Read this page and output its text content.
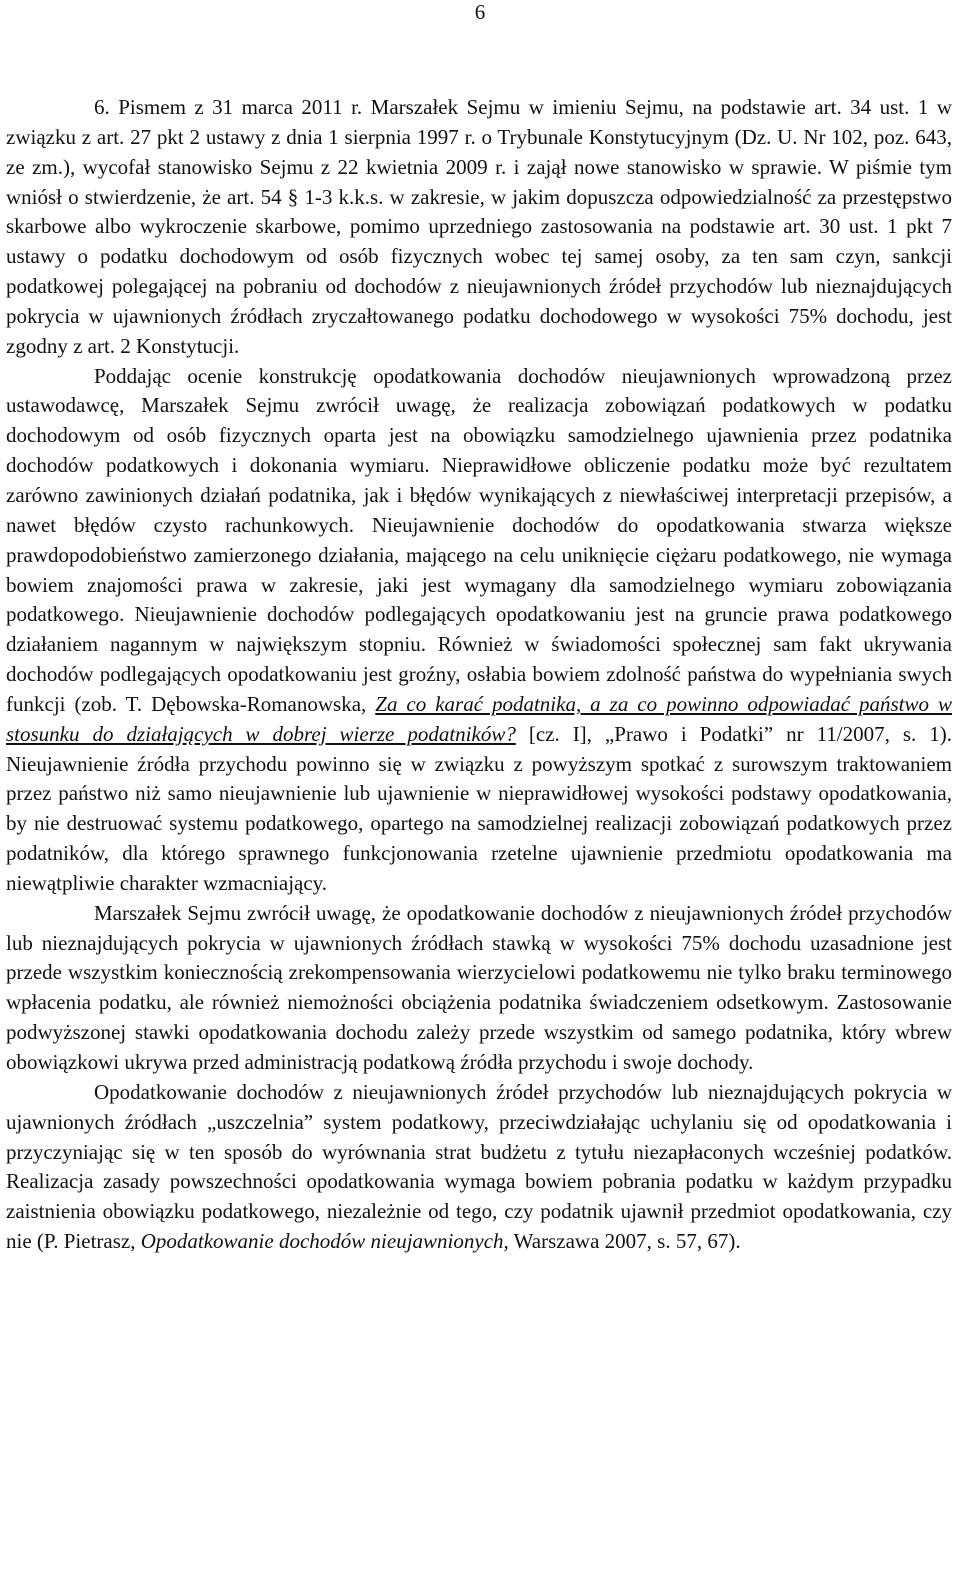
6

6. Pismem z 31 marca 2011 r. Marszałek Sejmu w imieniu Sejmu, na podstawie art. 34 ust. 1 w związku z art. 27 pkt 2 ustawy z dnia 1 sierpnia 1997 r. o Trybunale Konstytucyjnym (Dz. U. Nr 102, poz. 643, ze zm.), wycofał stanowisko Sejmu z 22 kwietnia 2009 r. i zajął nowe stanowisko w sprawie. W piśmie tym wniósł o stwierdzenie, że art. 54 § 1-3 k.k.s. w zakresie, w jakim dopuszcza odpowiedzialność za przestępstwo skarbowe albo wykroczenie skarbowe, pomimo uprzedniego zastosowania na podstawie art. 30 ust. 1 pkt 7 ustawy o podatku dochodowym od osób fizycznych wobec tej samej osoby, za ten sam czyn, sankcji podatkowej polegającej na pobraniu od dochodów z nieujawnionych źródeł przychodów lub nieznajdujących pokrycia w ujawnionych źródłach zryczałtowanego podatku dochodowego w wysokości 75% dochodu, jest zgodny z art. 2 Konstytucji.

Poddając ocenie konstrukcję opodatkowania dochodów nieujawnionych wprowadzoną przez ustawodawcę, Marszałek Sejmu zwrócił uwagę, że realizacja zobowiązań podatkowych w podatku dochodowym od osób fizycznych oparta jest na obowiązku samodzielnego ujawnienia przez podatnika dochodów podatkowych i dokonania wymiaru. Nieprawidłowe obliczenie podatku może być rezultatem zarówno zawinionych działań podatnika, jak i błędów wynikających z niewłaściwej interpretacji przepisów, a nawet błędów czysto rachunkowych. Nieujawnienie dochodów do opodatkowania stwarza większe prawdopodobieństwo zamierzonego działania, mającego na celu uniknięcie ciężaru podatkowego, nie wymaga bowiem znajomości prawa w zakresie, jaki jest wymagany dla samodzielnego wymiaru zobowiązania podatkowego. Nieujawnienie dochodów podlegających opodatkowaniu jest na gruncie prawa podatkowego działaniem nagannym w największym stopniu. Również w świadomości społecznej sam fakt ukrywania dochodów podlegających opodatkowaniu jest groźny, osłabia bowiem zdolność państwa do wypełniania swych funkcji (zob. T. Dębowska-Romanowska, Za co karać podatnika, a za co powinno odpowiadać państwo w stosunku do działających w dobrej wierze podatników? [cz. I], „Prawo i Podatki” nr 11/2007, s. 1). Nieujawnienie źródła przychodu powinno się w związku z powyższym spotkać z surowszym traktowaniem przez państwo niż samo nieujawnienie lub ujawnienie w nieprawidłowej wysokości podstawy opodatkowania, by nie destruować systemu podatkowego, opartego na samodzielnej realizacji zobowiązań podatkowych przez podatników, dla którego sprawnego funkcjonowania rzetelne ujawnienie przedmiotu opodatkowania ma niewątpliwie charakter wzmacniający.

Marszałek Sejmu zwrócił uwagę, że opodatkowanie dochodów z nieujawnionych źródeł przychodów lub nieznajdujących pokrycia w ujawnionych źródłach stawką w wysokości 75% dochodu uzasadnione jest przede wszystkim koniecznością zrekompensowania wierzycielowi podatkowemu nie tylko braku terminowego wpłacenia podatku, ale również niemożności obciążenia podatnika świadczeniem odsetkowym. Zastosowanie podwyższonej stawki opodatkowania dochodu zależy przede wszystkim od samego podatnika, który wbrew obowiązkowi ukrywa przed administracją podatkową źródła przychodu i swoje dochody.

Opodatkowanie dochodów z nieujawnionych źródeł przychodów lub nieznajdujących pokrycia w ujawnionych źródłach „uszczelnia” system podatkowy, przeciwdziałając uchylaniu się od opodatkowania i przyczyniając się w ten sposób do wyrównania strat budżetu z tytułu niezapłaconych wcześniej podatków. Realizacja zasady powszechności opodatkowania wymaga bowiem pobrania podatku w każdym przypadku zaistnienia obowiązku podatkowego, niezależnie od tego, czy podatnik ujawnił przedmiot opodatkowania, czy nie (P. Pietrasz, Opodatkowanie dochodów nieujawnionych, Warszawa 2007, s. 57, 67).
